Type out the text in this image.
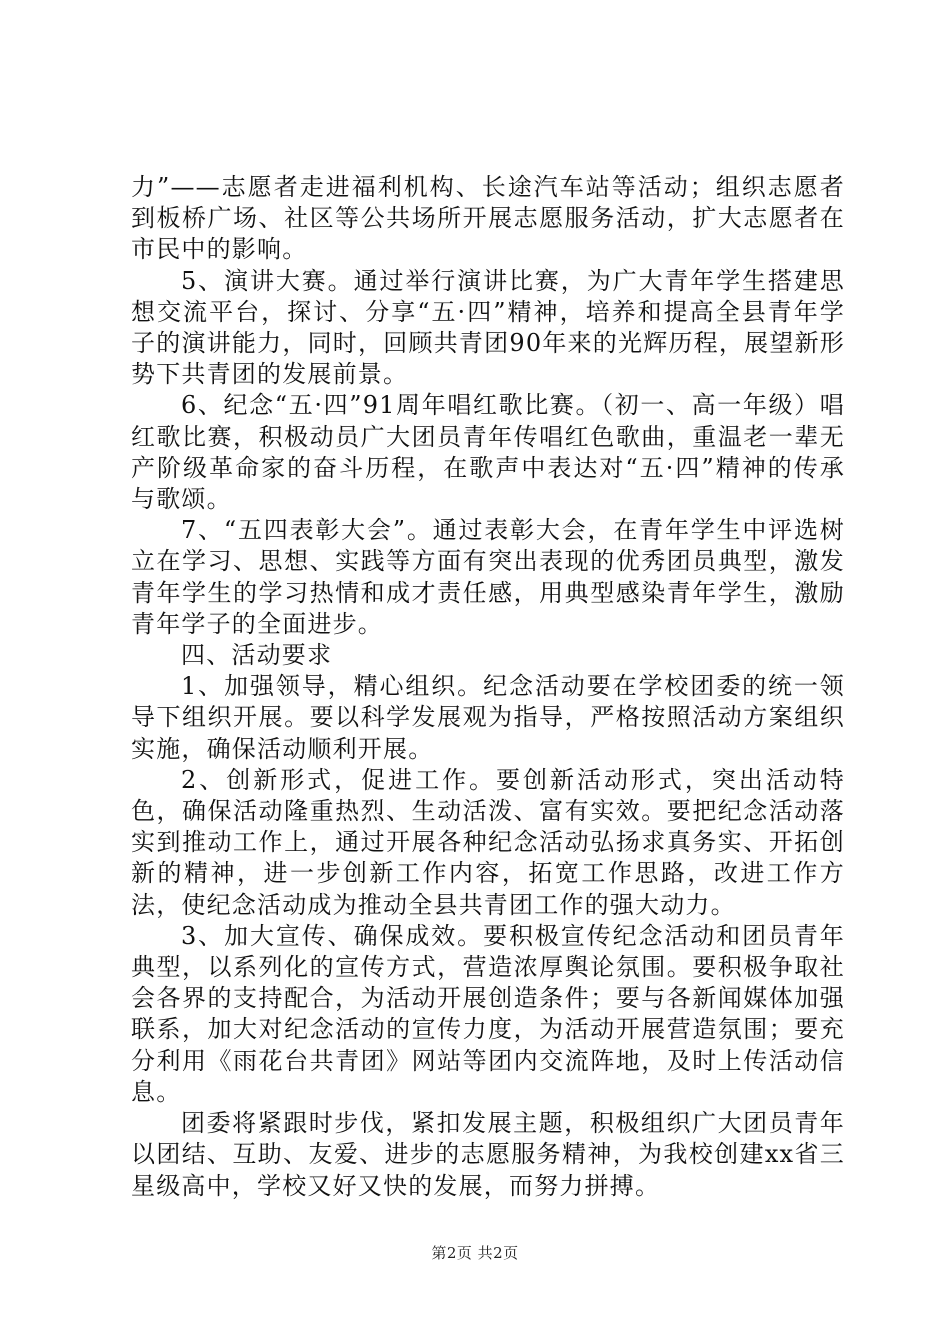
力”——志愿者走进福利机构、长途汽车站等活动；组织志愿者到板桥广场、社区等公共场所开展志愿服务活动，扩大志愿者在市民中的影响。

5、演讲大赛。通过举行演讲比赛，为广大青年学生搭建思想交流平台，探讨、分享“五·四”精神，培养和提高全县青年学子的演讲能力，同时，回顾共青团90年来的光辉历程，展望新形势下共青团的发展前景。

6、纪念“五·四”91周年唱红歌比赛。（初一、高一年级）唱红歌比赛，积极动员广大团员青年传唱红色歌曲，重温老一辈无产阶级革命家的奋斗历程，在歌声中表达对“五·四”精神的传承与歌颂。

7、“五四表彰大会”。通过表彰大会，在青年学生中评选树立在学习、思想、实践等方面有突出表现的优秀团员典型，激发青年学生的学习热情和成才责任感，用典型感染青年学生，激励青年学子的全面进步。

四、活动要求

1、加强领导，精心组织。纪念活动要在学校团委的统一领导下组织开展。要以科学发展观为指导，严格按照活动方案组织实施，确保活动顺利开展。

2、创新形式，促进工作。要创新活动形式，突出活动特色，确保活动隆重热烈、生动活泼、富有实效。要把纪念活动落实到推动工作上，通过开展各种纪念活动弘扬求真务实、开拓创新的精神，进一步创新工作内容，拓宽工作思路，改进工作方法，使纪念活动成为推动全县共青团工作的强大动力。

3、加大宣传、确保成效。要积极宣传纪念活动和团员青年典型，以系列化的宣传方式，营造浓厚舆论氛围。要积极争取社会各界的支持配合，为活动开展创造条件；要与各新闻媒体加强联系，加大对纪念活动的宣传力度，为活动开展营造氛围；要充分利用《雨花台共青团》网站等团内交流阵地，及时上传活动信息。

团委将紧跟时步伐，紧扣发展主题，积极组织广大团员青年以团结、互助、友爱、进步的志愿服务精神，为我校创建xx省三星级高中，学校又好又快的发展，而努力拼搏。

第2页 共2页
